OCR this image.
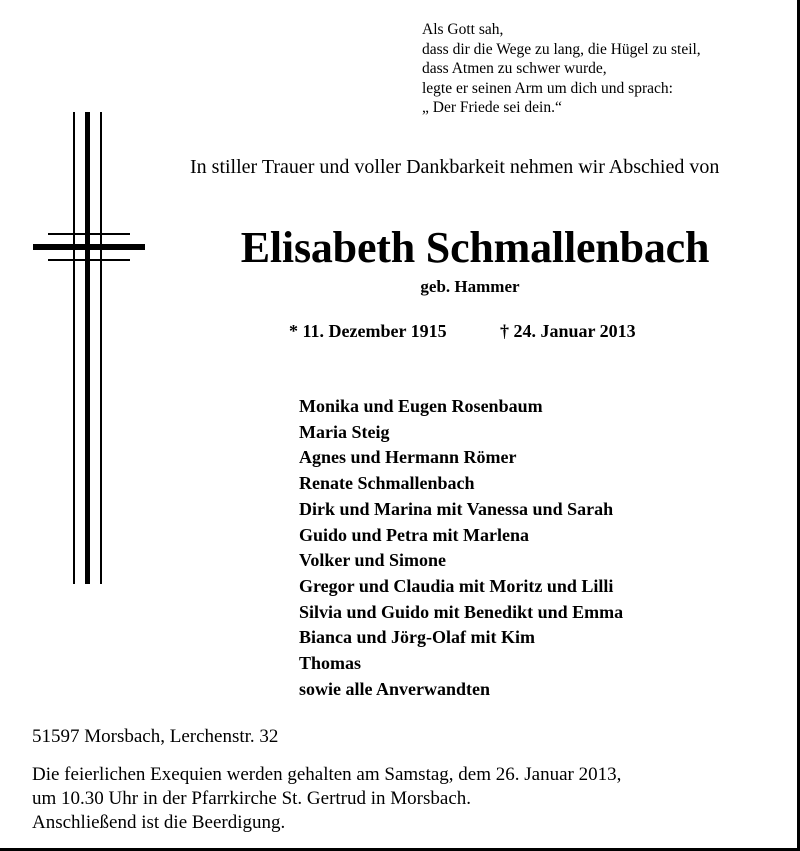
Als Gott sah,
dass dir die Wege zu lang, die Hügel zu steil,
dass Atmen zu schwer wurde,
legte er seinen Arm um dich und sprach:
„ Der Friede sei dein.“
In stiller Trauer und voller Dankbarkeit nehmen wir Abschied von
Elisabeth Schmallenbach
geb. Hammer
* 11. Dezember 1915	† 24. Januar 2013
Monika und Eugen Rosenbaum
Maria Steig
Agnes und Hermann Römer
Renate Schmallenbach
Dirk und Marina mit Vanessa und Sarah
Guido und Petra mit Marlena
Volker und Simone
Gregor und Claudia mit Moritz und Lilli
Silvia und Guido mit Benedikt und Emma
Bianca und Jörg-Olaf mit Kim
Thomas
sowie alle Anverwandten
51597 Morsbach, Lerchenstr. 32
Die feierlichen Exequien werden gehalten am Samstag, dem 26. Januar 2013,
um 10.30 Uhr in der Pfarrkirche St. Gertrud in Morsbach.
Anschließend ist die Beerdigung.
